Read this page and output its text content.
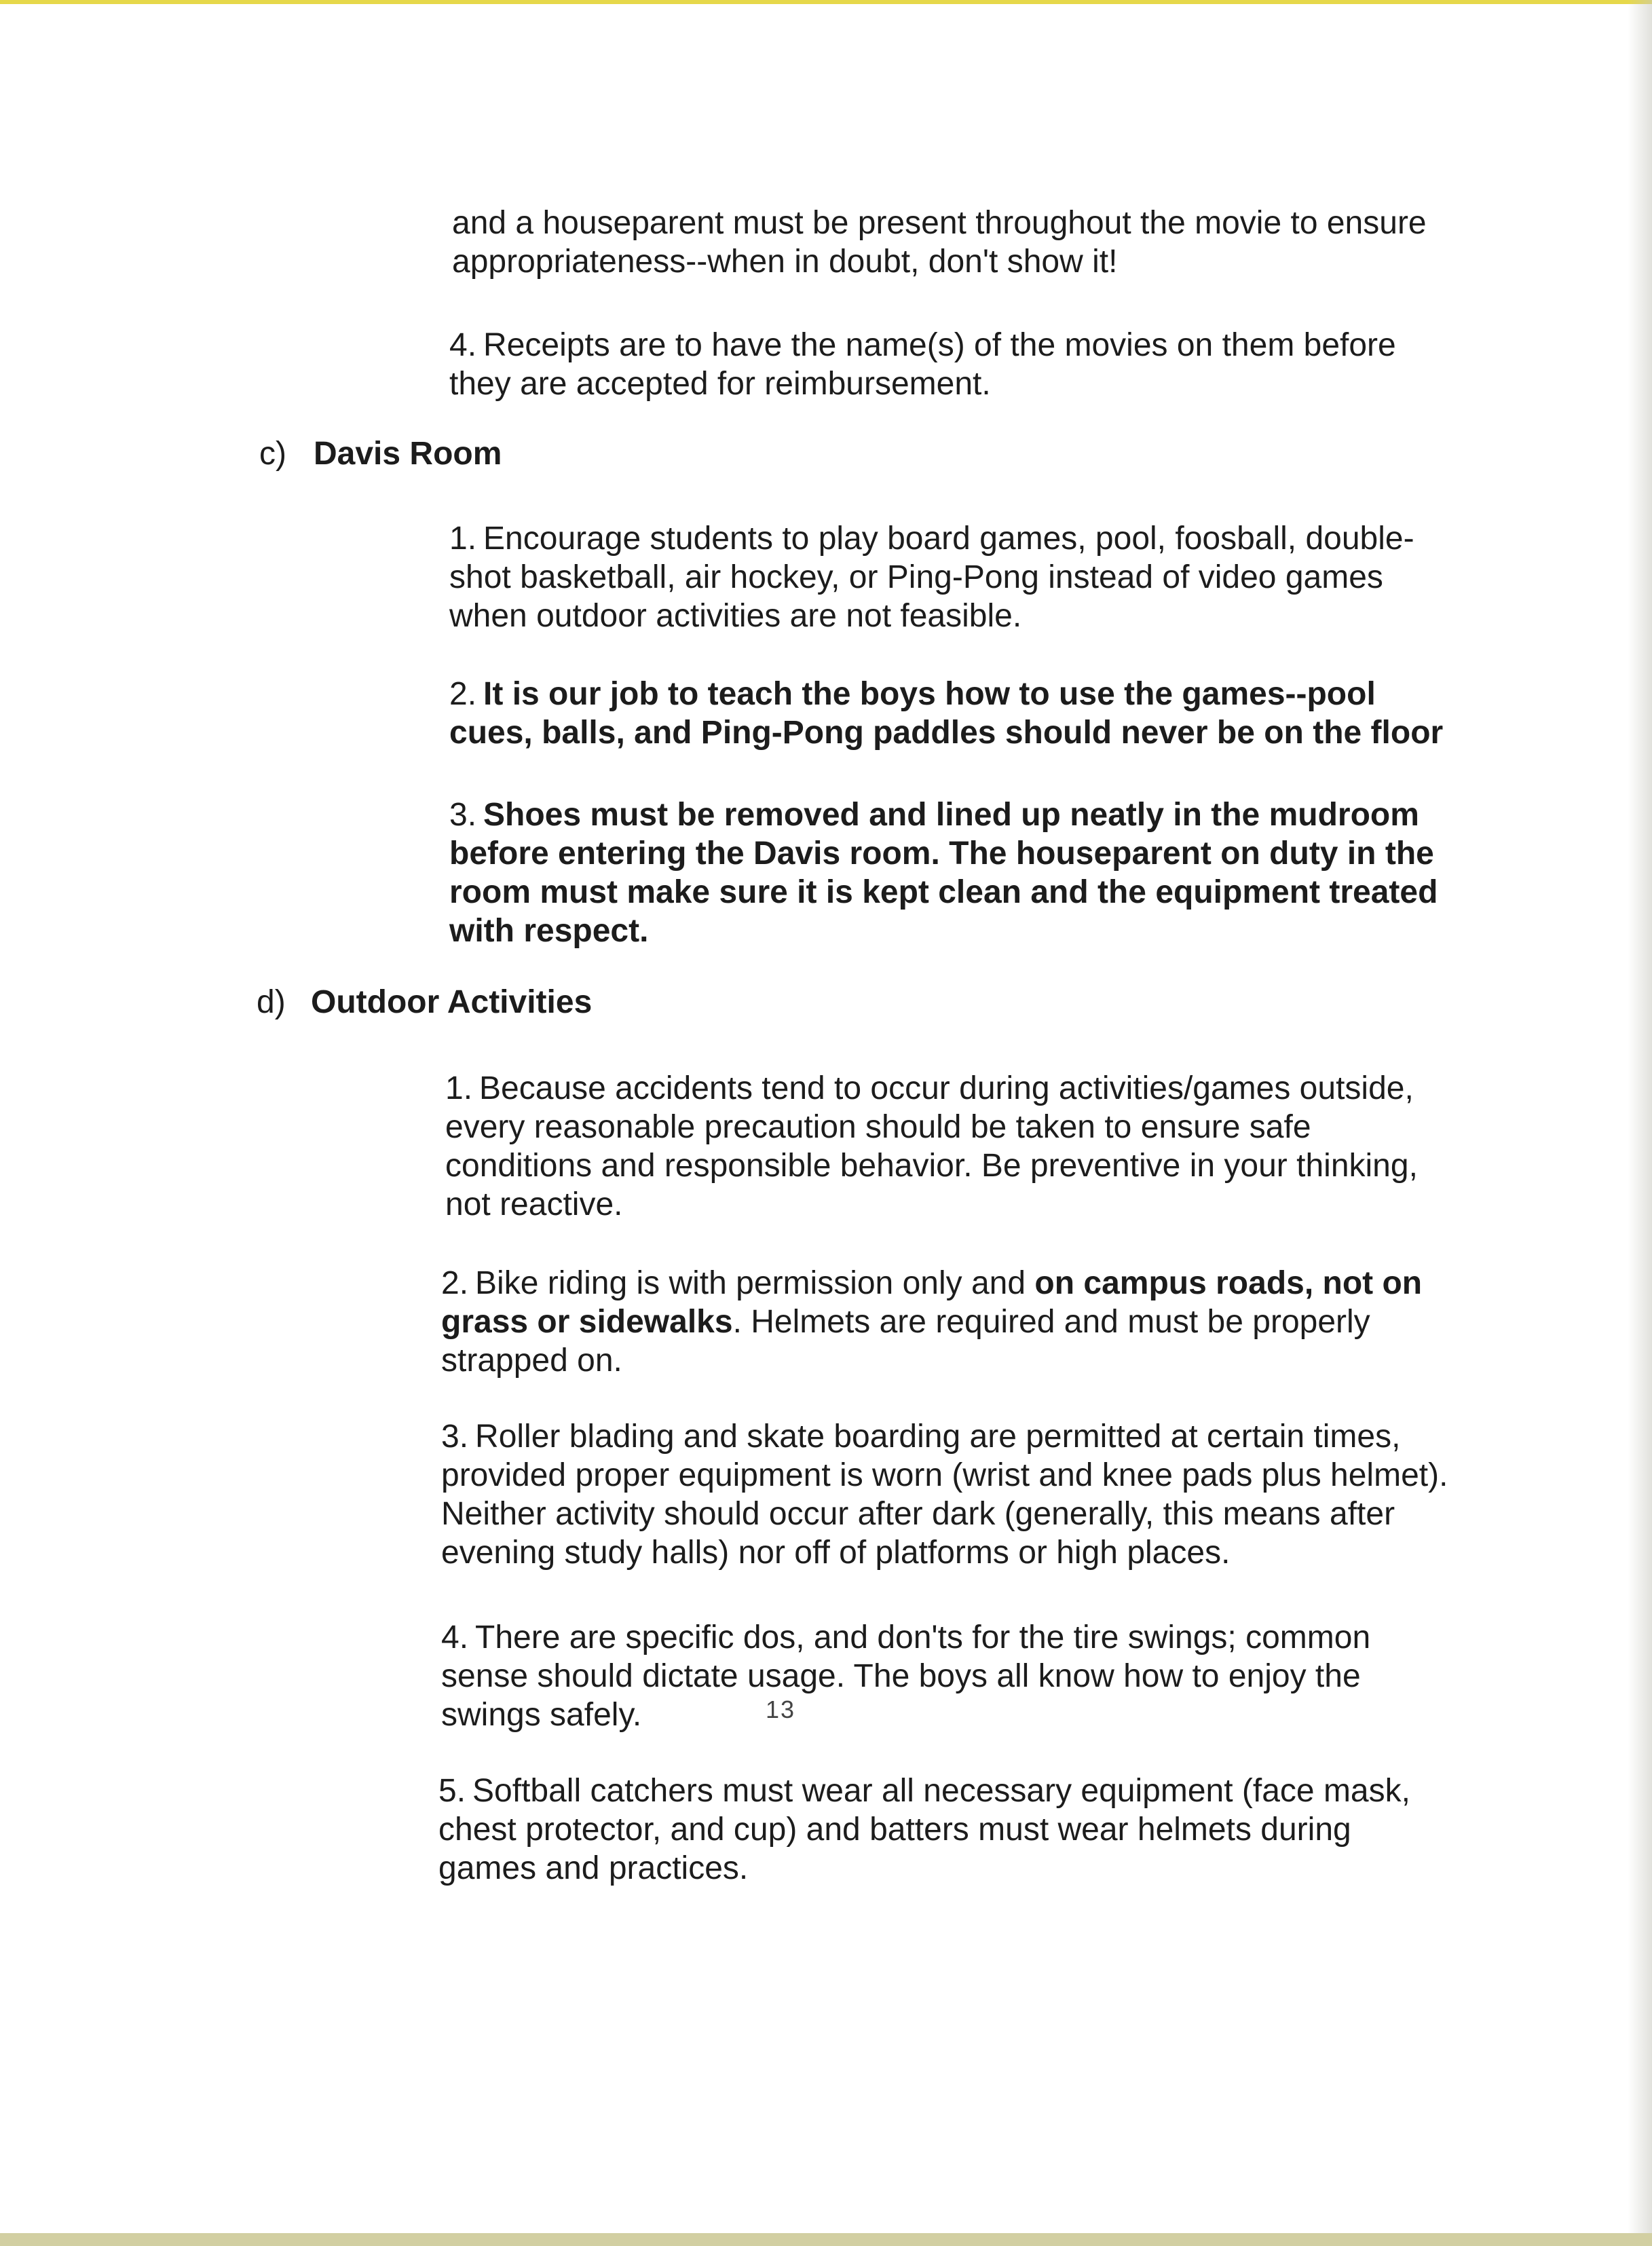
and a houseparent must be present throughout the movie to ensure
appropriateness--when in doubt, don't show it!
4. Receipts are to have the name(s) of the movies on them before
they are accepted for reimbursement.
c) Davis Room
1. Encourage students to play board games, pool, foosball, double-
shot basketball, air hockey, or Ping-Pong instead of video games
when outdoor activities are not feasible.
2. It is our job to teach the boys how to use the games--pool
cues, balls, and Ping-Pong paddles should never be on the floor
3. Shoes must be removed and lined up neatly in the mudroom
before entering the Davis room. The houseparent on duty in the
room must make sure it is kept clean and the equipment treated
with respect.
d) Outdoor Activities
1. Because accidents tend to occur during activities/games outside,
every reasonable precaution should be taken to ensure safe
conditions and responsible behavior. Be preventive in your thinking,
not reactive.
2. Bike riding is with permission only and on campus roads, not on
grass or sidewalks. Helmets are required and must be properly
strapped on.
3. Roller blading and skate boarding are permitted at certain times,
provided proper equipment is worn (wrist and knee pads plus helmet).
Neither activity should occur after dark (generally, this means after
evening study halls) nor off of platforms or high places.
4. There are specific dos, and don'ts for the tire swings; common
sense should dictate usage. The boys all know how to enjoy the
swings safely.
5. Softball catchers must wear all necessary equipment (face mask,
chest protector, and cup) and batters must wear helmets during
games and practices.
13
